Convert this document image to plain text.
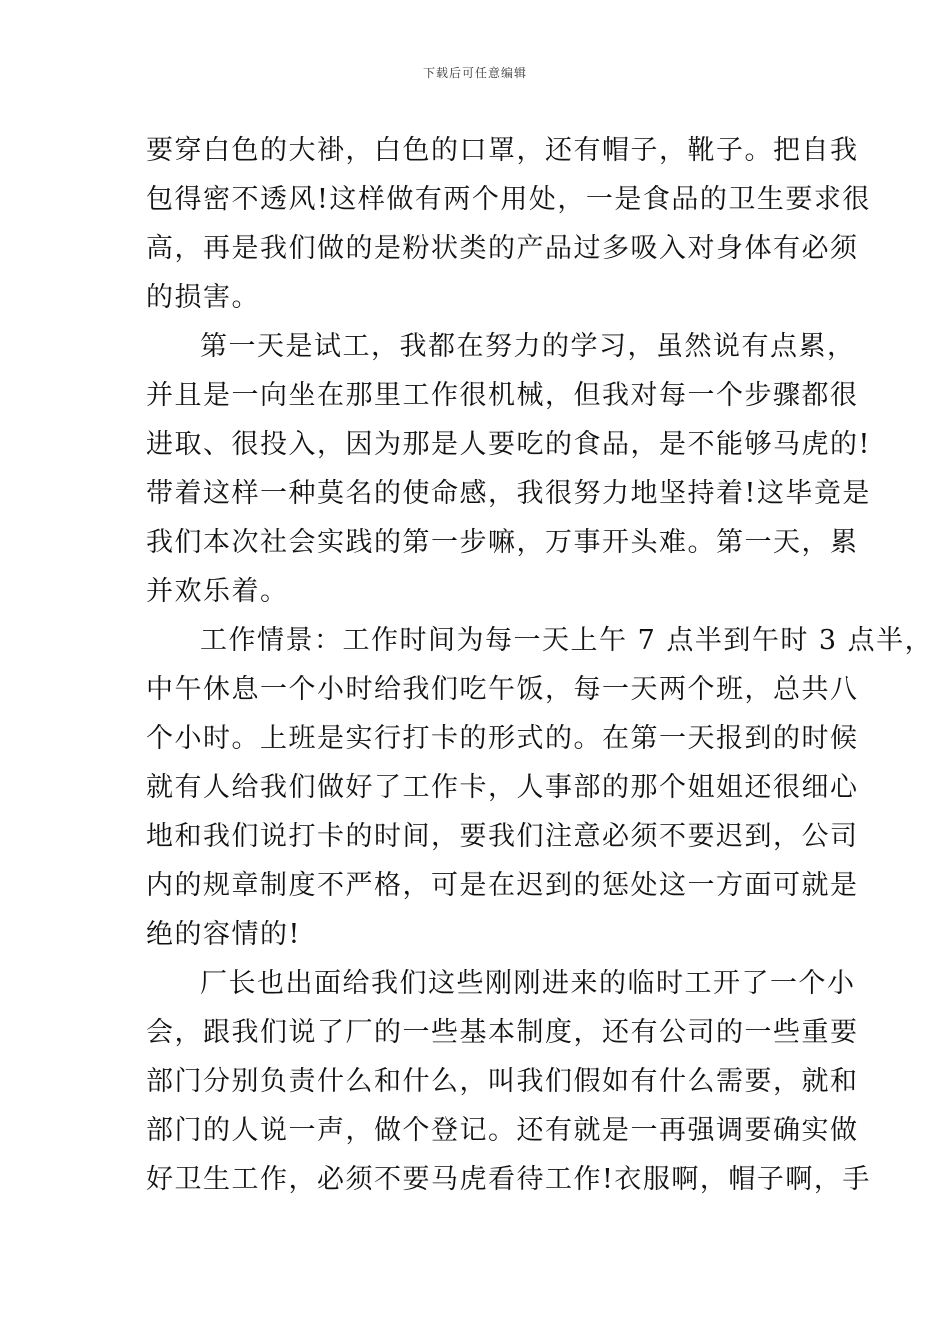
下载后可任意编辑

要穿白色的大褂，白色的口罩，还有帽子，靴子。把自我
包得密不透风!这样做有两个用处，一是食品的卫生要求很
高，再是我们做的是粉状类的产品过多吸入对身体有必须
的损害。

第一天是试工，我都在努力的学习，虽然说有点累，
并且是一向坐在那里工作很机械，但我对每一个步骤都很
进取、很投入，因为那是人要吃的食品，是不能够马虎的!
带着这样一种莫名的使命感，我很努力地坚持着!这毕竟是
我们本次社会实践的第一步嘛，万事开头难。第一天，累
并欢乐着。

工作情景：工作时间为每一天上午 7 点半到午时 3 点半，
中午休息一个小时给我们吃午饭，每一天两个班，总共八
个小时。上班是实行打卡的形式的。在第一天报到的时候
就有人给我们做好了工作卡，人事部的那个姐姐还很细心
地和我们说打卡的时间，要我们注意必须不要迟到，公司
内的规章制度不严格，可是在迟到的惩处这一方面可就是
绝的容情的!

厂长也出面给我们这些刚刚进来的临时工开了一个小
会，跟我们说了厂的一些基本制度，还有公司的一些重要
部门分别负责什么和什么，叫我们假如有什么需要，就和
部门的人说一声，做个登记。还有就是一再强调要确实做
好卫生工作，必须不要马虎看待工作!衣服啊，帽子啊，手
